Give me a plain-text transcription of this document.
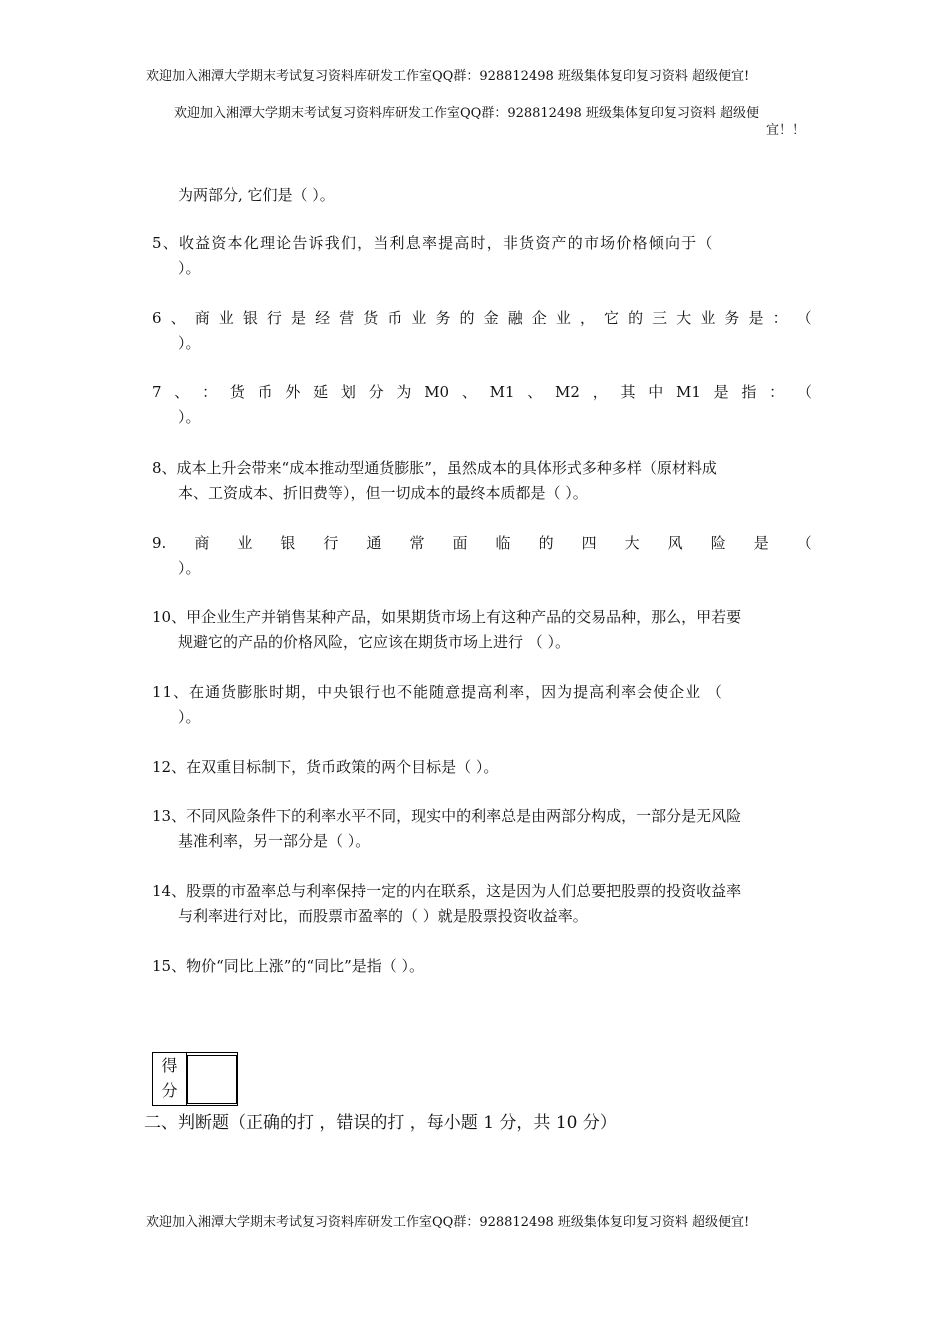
欢迎加入湘潭大学期末考试复习资料库研发工作室QQ群：928812498 班级集体复印复习资料 超级便宜!
欢迎加入湘潭大学期末考试复习资料库研发工作室QQ群：928812498 班级集体复印复习资料 超级便
宜！！
为两部分, 它们是（ ）。
5、收益资本化理论告诉我们，当利息率提高时，非货资产的市场价格倾向于（
）。
6 、 商 业 银 行 是 经 营 货 币 业 务 的 金 融 企 业 ， 它 的 三 大 业 务 是 ： （
）。
7 、 ： 货 币 外 延 划 分 为 M0 、 M1 、 M2 ， 其 中 M1 是 指 ： （
）。
8、成本上升会带来“成本推动型通货膨胀”，虽然成本的具体形式多种多样（原材料成
本、工资成本、折旧费等），但一切成本的最终本质都是（ ）。
9. 商 业 银 行 通 常 面 临 的 四 大 风 险 是 （
）。
10、甲企业生产并销售某种产品，如果期货市场上有这种产品的交易品种，那么，甲若要
规避它的产品的价格风险，它应该在期货市场上进行 （ ）。
11、在通货膨胀时期，中央银行也不能随意提高利率，因为提高利率会使企业 （
）。
12、在双重目标制下，货币政策的两个目标是（ ）。
13、不同风险条件下的利率水平不同，现实中的利率总是由两部分构成，一部分是无风险
基准利率，另一部分是（ ）。
14、股票的市盈率总与利率保持一定的内在联系，这是因为人们总要把股票的投资收益率
与利率进行对比，而股票市盈率的（ ）就是股票投资收益率。
15、物价“同比上涨”的“同比”是指（ ）。
得
分
二、判断题（正确的打 ，错误的打 ，每小题 1 分，共 10 分）
欢迎加入湘潭大学期末考试复习资料库研发工作室QQ群：928812498 班级集体复印复习资料 超级便宜!
